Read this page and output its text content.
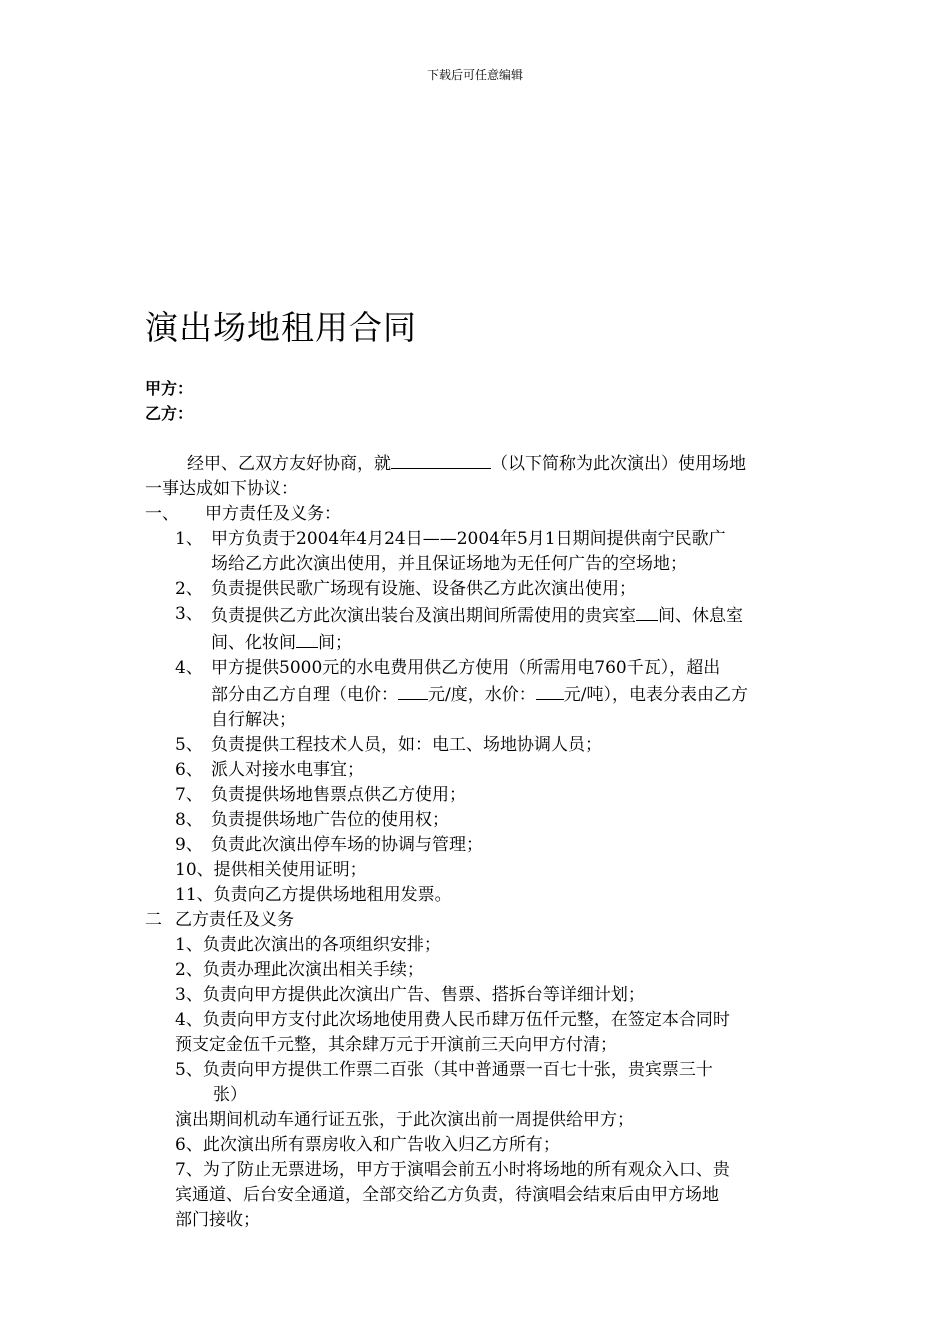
下载后可任意编辑
演出场地租用合同
甲方：
乙方：
经甲、乙双方友好协商，就	（以下简称为此次演出）使用场地
一事达成如下协议：
一、	甲方责任及义务：
1、 甲方负责于2004年4月24日——2004年5月1日期间提供南宁民歌广
场给乙方此次演出使用，并且保证场地为无任何广告的空场地；
2、 负责提供民歌广场现有设施、设备供乙方此次演出使用；
3、 负责提供乙方此次演出装台及演出期间所需使用的贵宾室 间、休息室
间、化妆间 间；
4、 甲方提供5000元的水电费用供乙方使用（所需用电760千瓦），超出
部分由乙方自理（电价： 元/度，水价： 元/吨），电表分表由乙方
自行解决；
5、 负责提供工程技术人员，如：电工、场地协调人员；
6、 派人对接水电事宜；
7、 负责提供场地售票点供乙方使用；
8、 负责提供场地广告位的使用权；
9、 负责此次演出停车场的协调与管理；
10、提供相关使用证明；
11、负责向乙方提供场地租用发票。
二 乙方责任及义务
1、负责此次演出的各项组织安排；
2、负责办理此次演出相关手续；
3、负责向甲方提供此次演出广告、售票、搭拆台等详细计划；
4、负责向甲方支付此次场地使用费人民币肆万伍仟元整，在签定本合同时
预支定金伍千元整，其余肆万元于开演前三天向甲方付清；
5、负责向甲方提供工作票二百张（其中普通票一百七十张，贵宾票三十
张）
演出期间机动车通行证五张，于此次演出前一周提供给甲方；
6、此次演出所有票房收入和广告收入归乙方所有；
7、为了防止无票进场，甲方于演唱会前五小时将场地的所有观众入口、贵
宾通道、后台安全通道，全部交给乙方负责，待演唱会结束后由甲方场地
部门接收；
